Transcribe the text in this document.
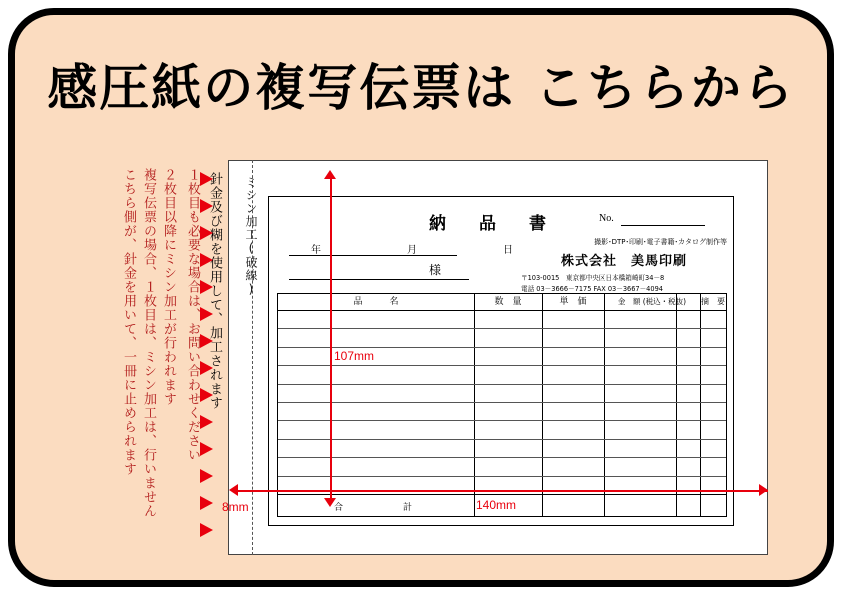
感圧紙の複写伝票は こちらから
１枚目も必要な場合は、お問い合わせください
２枚目以降にミシン加工が行われます
複写伝票の場合、１枚目は、ミシン加工は、行いません
こちら側が、針金を用いて、一冊に止められます	針金及び糊を使用して、加工されます ミシン加工(破線)	納　品　書	No.
年　　月　　日
様
撮影･DTP･印刷･電子書籍･カタログ制作等
株式会社　美馬印刷
〒103-0015　東京都中央区日本橋箱崎町34－8
電話 03－3666－7175 FAX 03－3667－4094
品　　　名	数　量	単　価	金　額 (税込・税抜)	摘　要
合　　計
107mm
140mm
8mm
